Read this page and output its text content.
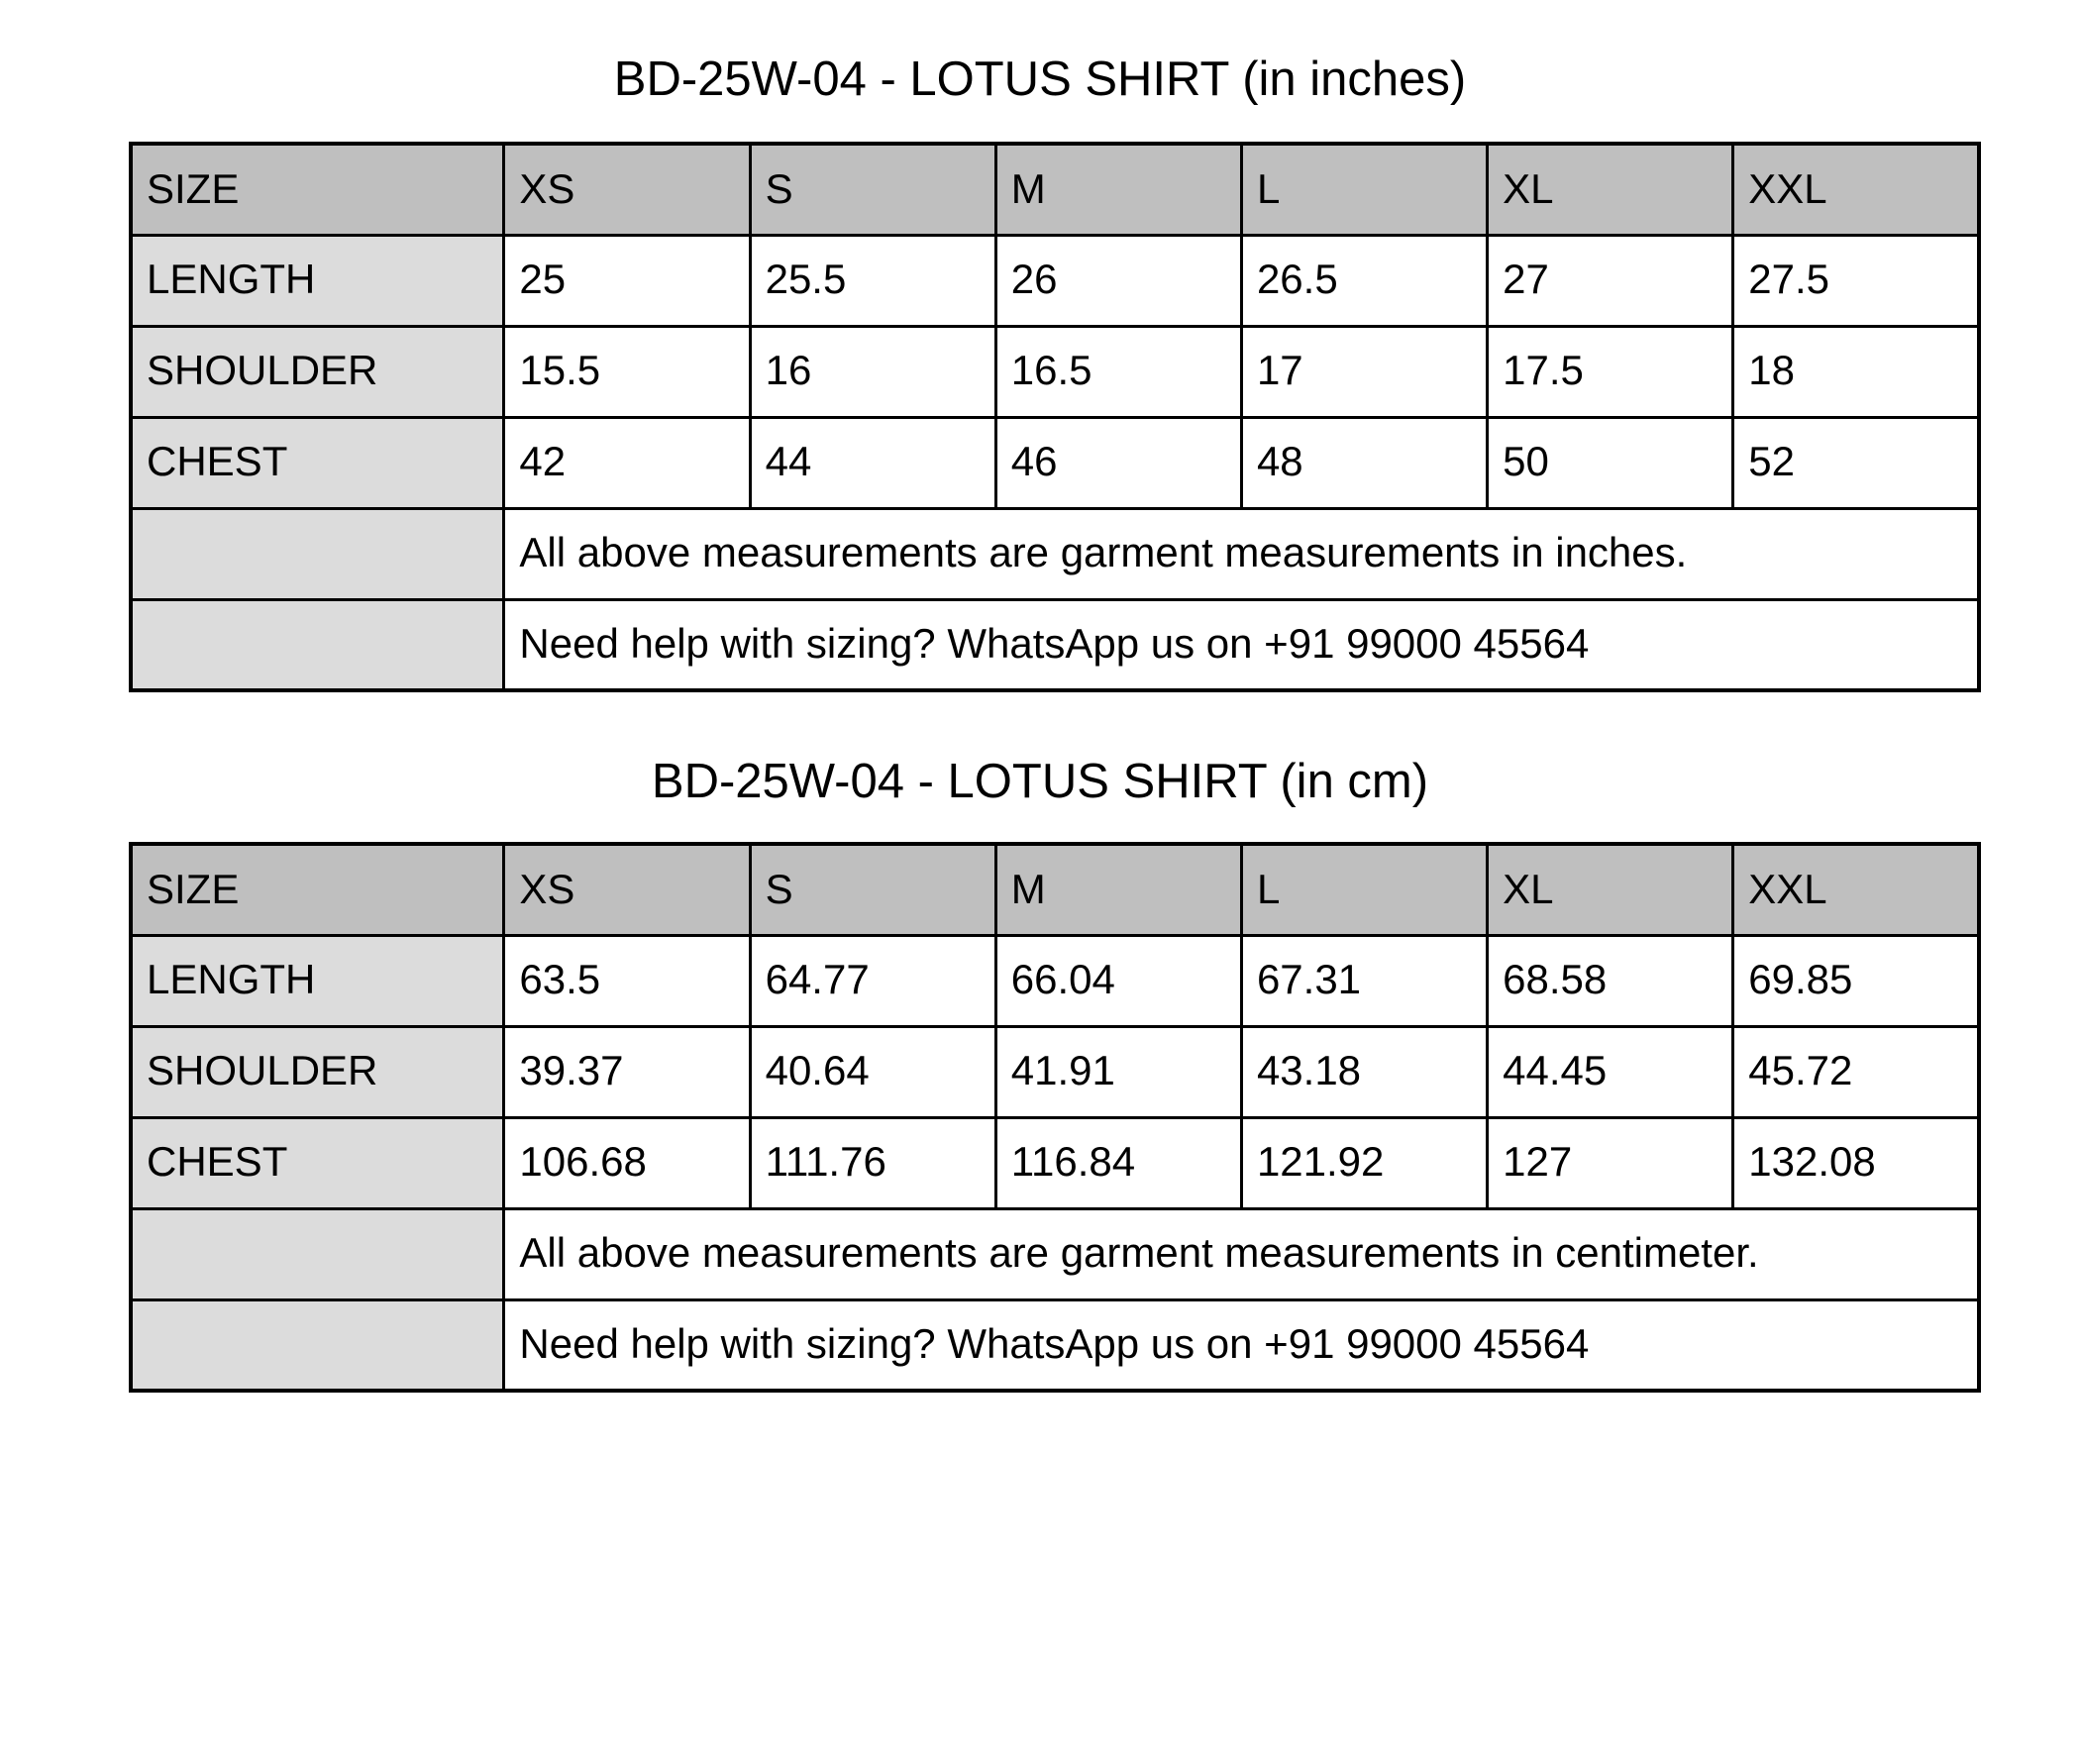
BD-25W-04 - LOTUS SHIRT (in inches)
SIZE	XS	S	M	L	XL	XXL
LENGTH	25	25.5	26	26.5	27	27.5
SHOULDER	15.5	16	16.5	17	17.5	18
CHEST	42	44	46	48	50	52
	All above measurements are garment measurements in inches.					
	Need help with sizing? WhatsApp us on +91 99000 45564					
BD-25W-04 - LOTUS SHIRT (in cm)
SIZE	XS	S	M	L	XL	XXL
LENGTH	63.5	64.77	66.04	67.31	68.58	69.85
SHOULDER	39.37	40.64	41.91	43.18	44.45	45.72
CHEST	106.68	111.76	116.84	121.92	127	132.08
	All above measurements are garment measurements in centimeter.					
	Need help with sizing? WhatsApp us on +91 99000 45564					
